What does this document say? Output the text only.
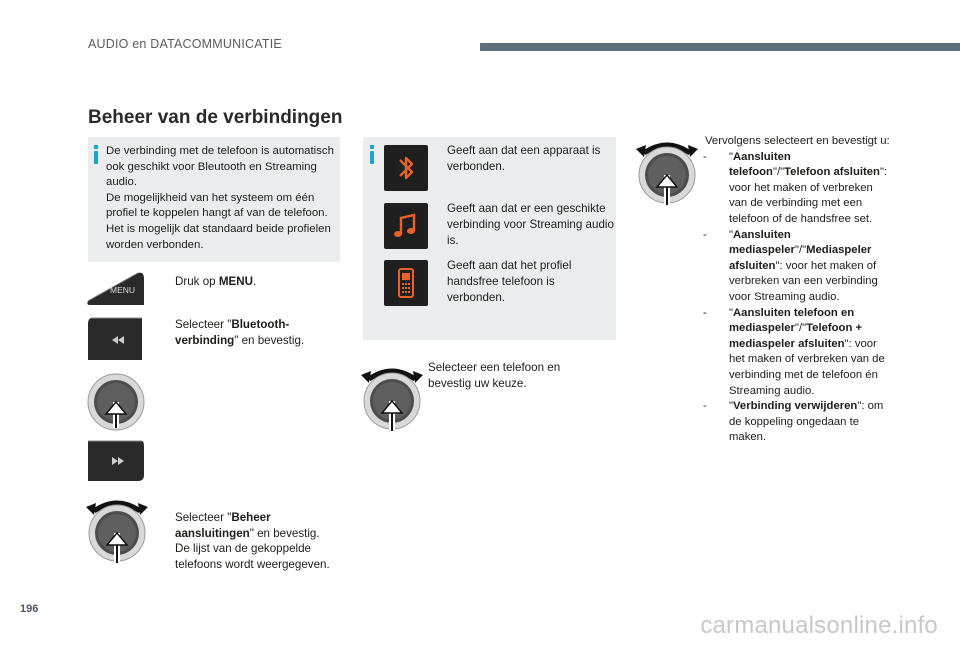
AUDIO en DATACOMMUNICATIE
Beheer van de verbindingen
De verbinding met de telefoon is automatisch ook geschikt voor Bleutooth en Streaming audio.
De mogelijkheid van het systeem om één profiel te koppelen hangt af van de telefoon. Het is mogelijk dat standaard beide profielen worden verbonden.
MENU
Druk op MENU.
Selecteer "Bluetooth-verbinding" en bevestig.

Selecteer "Beheer aansluitingen" en bevestig.
De lijst van de gekoppelde telefoons wordt weergegeven.

Geeft aan dat een apparaat is verbonden.
Geeft aan dat er een geschikte verbinding voor Streaming audio is.
Geeft aan dat het profiel handsfree telefoon is verbonden.
Selecteer een telefoon en bevestig uw keuze.
Vervolgens selecteert en bevestigt u:
- "Aansluiten telefoon"/"Telefoon afsluiten": voor het maken of verbreken van de verbinding met een telefoon of de handsfree set.
- "Aansluiten mediaspeler"/"Mediaspeler afsluiten": voor het maken of verbreken van een verbinding voor Streaming audio.
- "Aansluiten telefoon en mediaspeler"/"Telefoon + mediaspeler afsluiten": voor het maken of verbreken van de verbinding met de telefoon én Streaming audio.
- "Verbinding verwijderen": om de koppeling ongedaan te maken.
196
carmanualsonline.info
